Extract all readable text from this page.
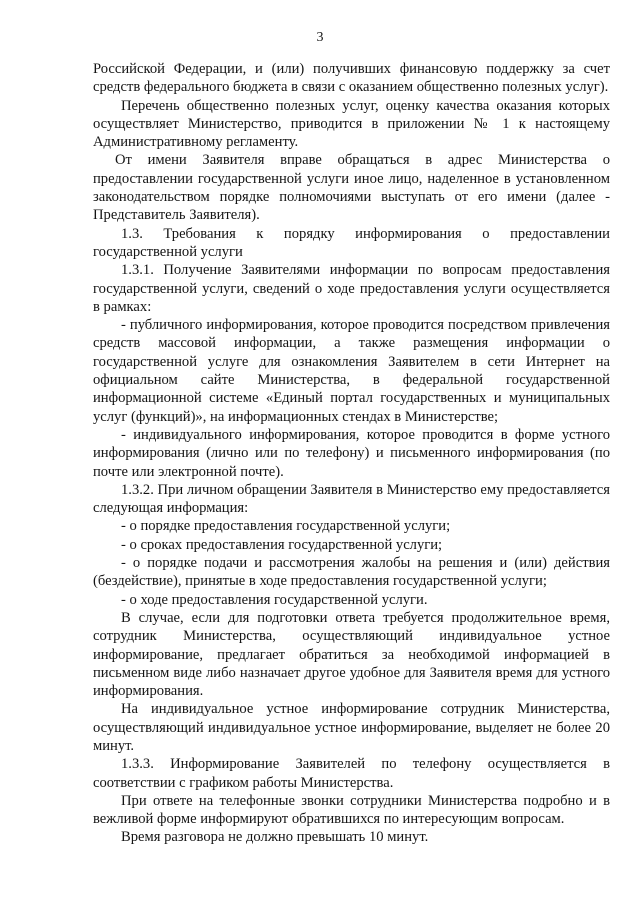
3

Российской Федерации, и (или) получивших финансовую поддержку за счет средств федерального бюджета в связи с оказанием общественно полезных услуг).

Перечень общественно полезных услуг, оценку качества оказания которых осуществляет Министерство, приводится в приложении № 1 к настоящему Административному регламенту.

От имени Заявителя вправе обращаться в адрес Министерства о предоставлении государственной услуги иное лицо, наделенное в установленном законодательством порядке полномочиями выступать от его имени (далее - Представитель Заявителя).

1.3. Требования к порядку информирования о предоставлении государственной услуги

1.3.1. Получение Заявителями информации по вопросам предоставления государственной услуги, сведений о ходе предоставления услуги осуществляется в рамках:

- публичного информирования, которое проводится посредством привлечения средств массовой информации, а также размещения информации о государственной услуге для ознакомления Заявителем в сети Интернет на официальном сайте Министерства, в федеральной государственной информационной системе «Единый портал государственных и муниципальных услуг (функций)», на информационных стендах в Министерстве;

- индивидуального информирования, которое проводится в форме устного информирования (лично или по телефону) и письменного информирования (по почте или электронной почте).

1.3.2. При личном обращении Заявителя в Министерство ему предоставляется следующая информация:

- о порядке предоставления государственной услуги;

- о сроках предоставления государственной услуги;

- о порядке подачи и рассмотрения жалобы на решения и (или) действия (бездействие), принятые в ходе предоставления государственной услуги;

- о ходе предоставления государственной услуги.

В случае, если для подготовки ответа требуется продолжительное время, сотрудник Министерства, осуществляющий индивидуальное устное информирование, предлагает обратиться за необходимой информацией в письменном виде либо назначает другое удобное для Заявителя время для устного информирования.

На индивидуальное устное информирование сотрудник Министерства, осуществляющий индивидуальное устное информирование, выделяет не более 20 минут.

1.3.3. Информирование Заявителей по телефону осуществляется в соответствии с графиком работы Министерства.

При ответе на телефонные звонки сотрудники Министерства подробно и в вежливой форме информируют обратившихся по интересующим вопросам.

Время разговора не должно превышать 10 минут.
